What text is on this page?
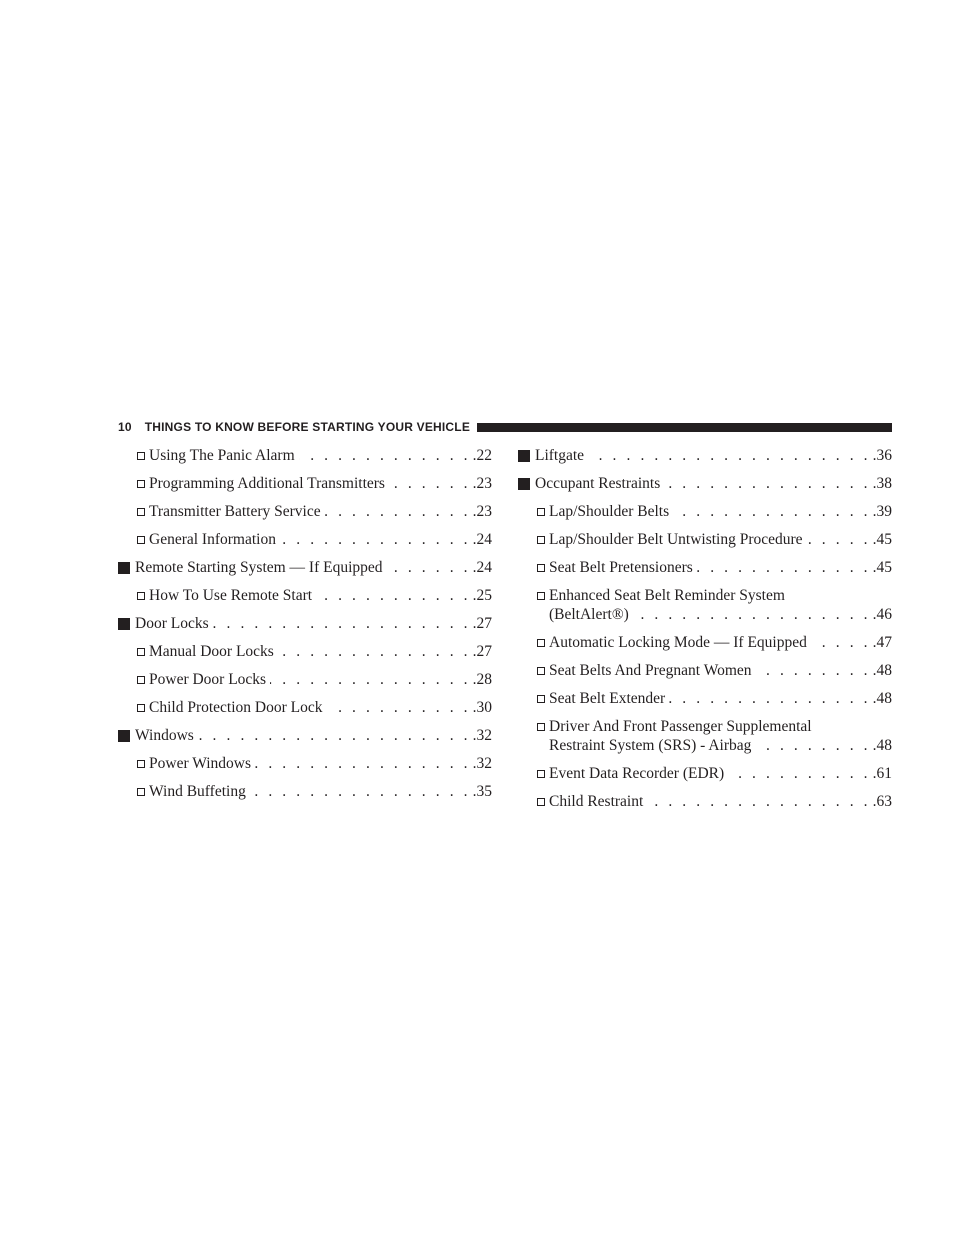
10 THINGS TO KNOW BEFORE STARTING YOUR VEHICLE
Using The Panic Alarm . . .	.22
Programming Additional Transmitters . . .	.23
Transmitter Battery Service . . .	.23
General Information . . .	.24
Remote Starting System — If Equipped . . .	.24
How To Use Remote Start . . .	.25
Door Locks . . .	.27
Manual Door Locks . . .	.27
Power Door Locks . . .	.28
Child Protection Door Lock . . .	.30
Windows . . .	.32
Power Windows . . .	.32
Wind Buffeting . . .	.35
Liftgate . . .	.36
Occupant Restraints . . .	.38
Lap/Shoulder Belts . . .	.39
Lap/Shoulder Belt Untwisting Procedure . . .	.45
Seat Belt Pretensioners . . .	.45
Enhanced Seat Belt Reminder System
(BeltAlert®) . . .	.46
Automatic Locking Mode — If Equipped . . .	.47
Seat Belts And Pregnant Women . . .	.48
Seat Belt Extender . . .	.48
Driver And Front Passenger Supplemental
Restraint System (SRS) - Airbag . . .	.48
Event Data Recorder (EDR) . . .	.61
Child Restraint . . .	.63
